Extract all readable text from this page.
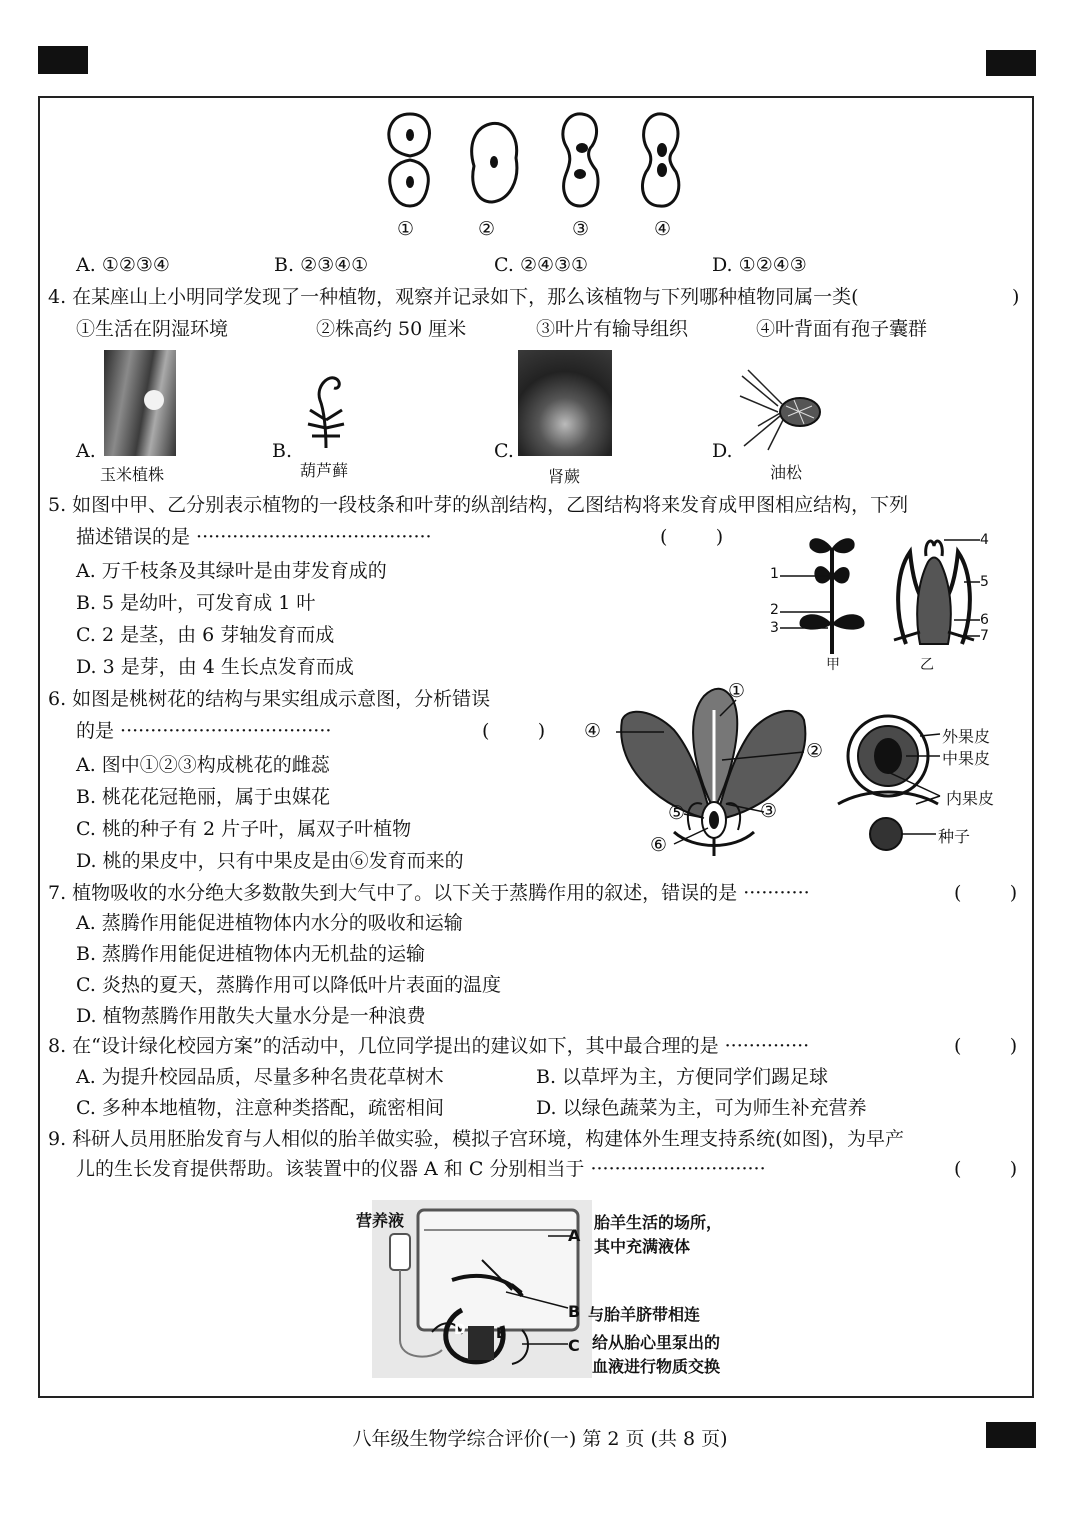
①	②	③	④
A. ①②③④	B. ②③④①	C. ②④③①	D. ①②④③
4. 在某座山上小明同学发现了一种植物，观察并记录如下，那么该植物与下列哪种植物同属一类(	)
①生活在阴湿环境	②株高约 50 厘米	③叶片有输导组织	④叶背面有孢子囊群
A.
玉米植株
B.
葫芦藓
C.
肾蕨
D.
油松
5. 如图中甲、乙分别表示植物的一段枝条和叶芽的纵剖结构，乙图结构将来发育成甲图相应结构，下列
描述错误的是 ·······································	(        )
A. 万千枝条及其绿叶是由芽发育成的
B. 5 是幼叶，可发育成 1 叶
C. 2 是茎，由 6 芽轴发育而成
D. 3 是芽，由 4 生长点发育而成
1
2
3
甲
4
5
6
7
乙
6. 如图是桃树花的结构与果实组成示意图，分析错误
的是 ···································	(        )
A. 图中①②③构成桃花的雌蕊
B. 桃花花冠艳丽，属于虫媒花
C. 桃的种子有 2 片子叶，属双子叶植物
D. 桃的果皮中，只有中果皮是由⑥发育而来的
①
②
③
④
⑤
⑥
外果皮
中果皮
内果皮
种子
7. 植物吸收的水分绝大多数散失到大气中了。以下关于蒸腾作用的叙述，错误的是 ···········	(        )
A. 蒸腾作用能促进植物体内水分的吸收和运输
B. 蒸腾作用能促进植物体内无机盐的运输
C. 炎热的夏天，蒸腾作用可以降低叶片表面的温度
D. 植物蒸腾作用散失大量水分是一种浪费
8. 在“设计绿化校园方案”的活动中，几位同学提出的建议如下，其中最合理的是 ··············	(        )
A. 为提升校园品质，尽量多种名贵花草树木	B. 以草坪为主，方便同学们踢足球
C. 多种本地植物，注意种类搭配，疏密相间	D. 以绿色蔬菜为主，可为师生补充营养
9. 科研人员用胚胎发育与人相似的胎羊做实验，模拟子宫环境，构建体外生理支持系统(如图)，为早产
儿的生长发育提供帮助。该装置中的仪器 A 和 C 分别相当于 ·····························	(        )
营养液
A
B
C
D E
胎羊生活的场所，
其中充满液体
与胎羊脐带相连
给从胎心里泵出的
血液进行物质交换
八年级生物学综合评价(一) 第 2 页 (共 8 页)
